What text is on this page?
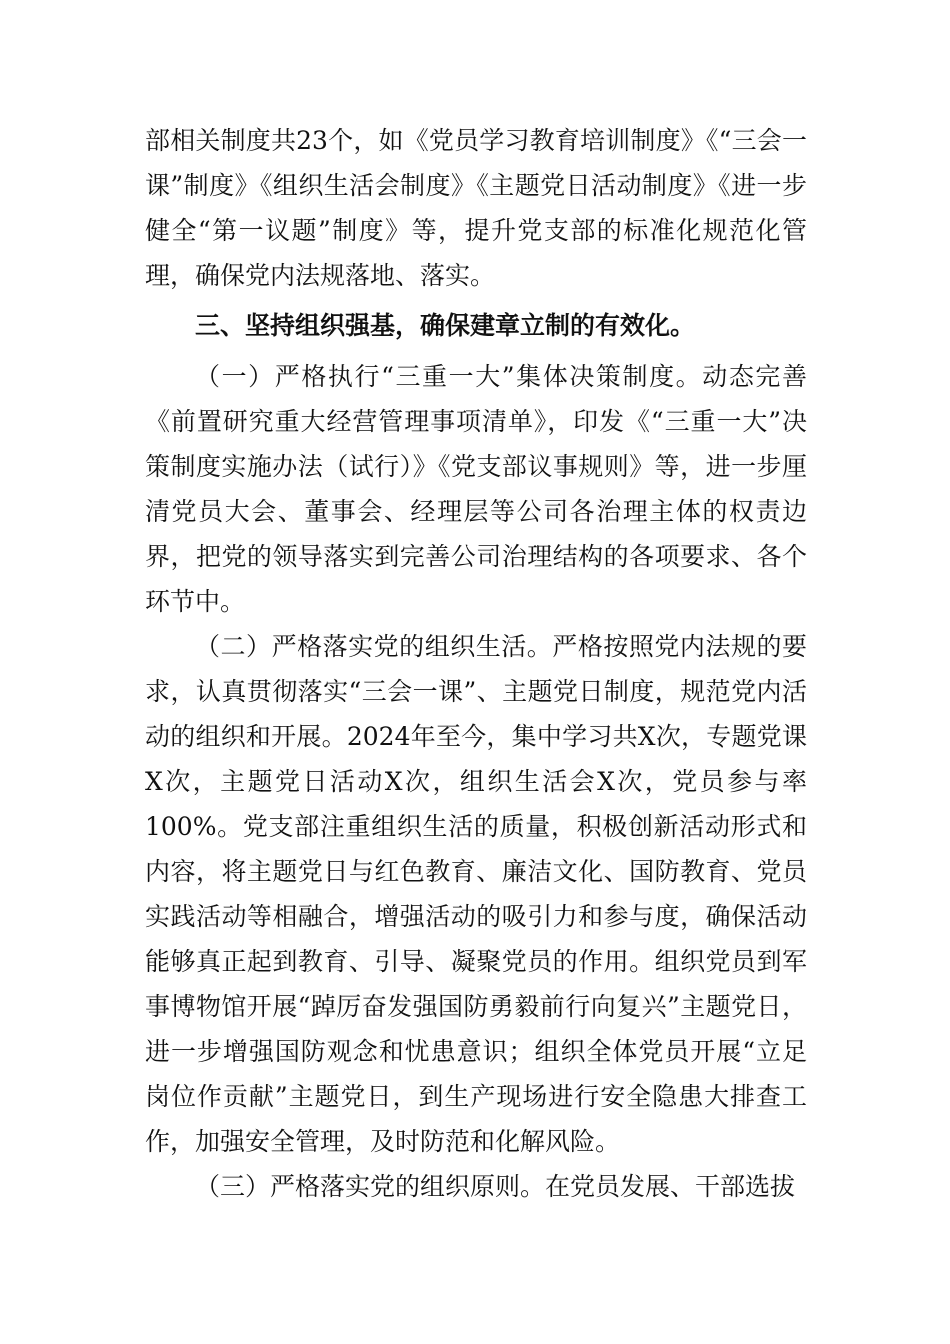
部相关制度共23个，如《党员学习教育培训制度》《“三会一课”制度》《组织生活会制度》《主题党日活动制度》《进一步健全“第一议题”制度》等，提升党支部的标准化规范化管理，确保党内法规落地、落实。

三、坚持组织强基，确保建章立制的有效化。

（一）严格执行“三重一大”集体决策制度。动态完善《前置研究重大经营管理事项清单》，印发《“三重一大”决策制度实施办法（试行）》《党支部议事规则》等，进一步厘清党员大会、董事会、经理层等公司各治理主体的权责边界，把党的领导落实到完善公司治理结构的各项要求、各个环节中。

（二）严格落实党的组织生活。严格按照党内法规的要求，认真贯彻落实“三会一课”、主题党日制度，规范党内活动的组织和开展。2024年至今，集中学习共X次，专题党课X次，主题党日活动X次，组织生活会X次，党员参与率100%。党支部注重组织生活的质量，积极创新活动形式和内容，将主题党日与红色教育、廉洁文化、国防教育、党员实践活动等相融合，增强活动的吸引力和参与度，确保活动能够真正起到教育、引导、凝聚党员的作用。组织党员到军事博物馆开展“踔厉奋发强国防勇毅前行向复兴”主题党日，进一步增强国防观念和忧患意识；组织全体党员开展“立足岗位作贡献”主题党日，到生产现场进行安全隐患大排查工作，加强安全管理，及时防范和化解风险。

（三）严格落实党的组织原则。在党员发展、干部选拔
